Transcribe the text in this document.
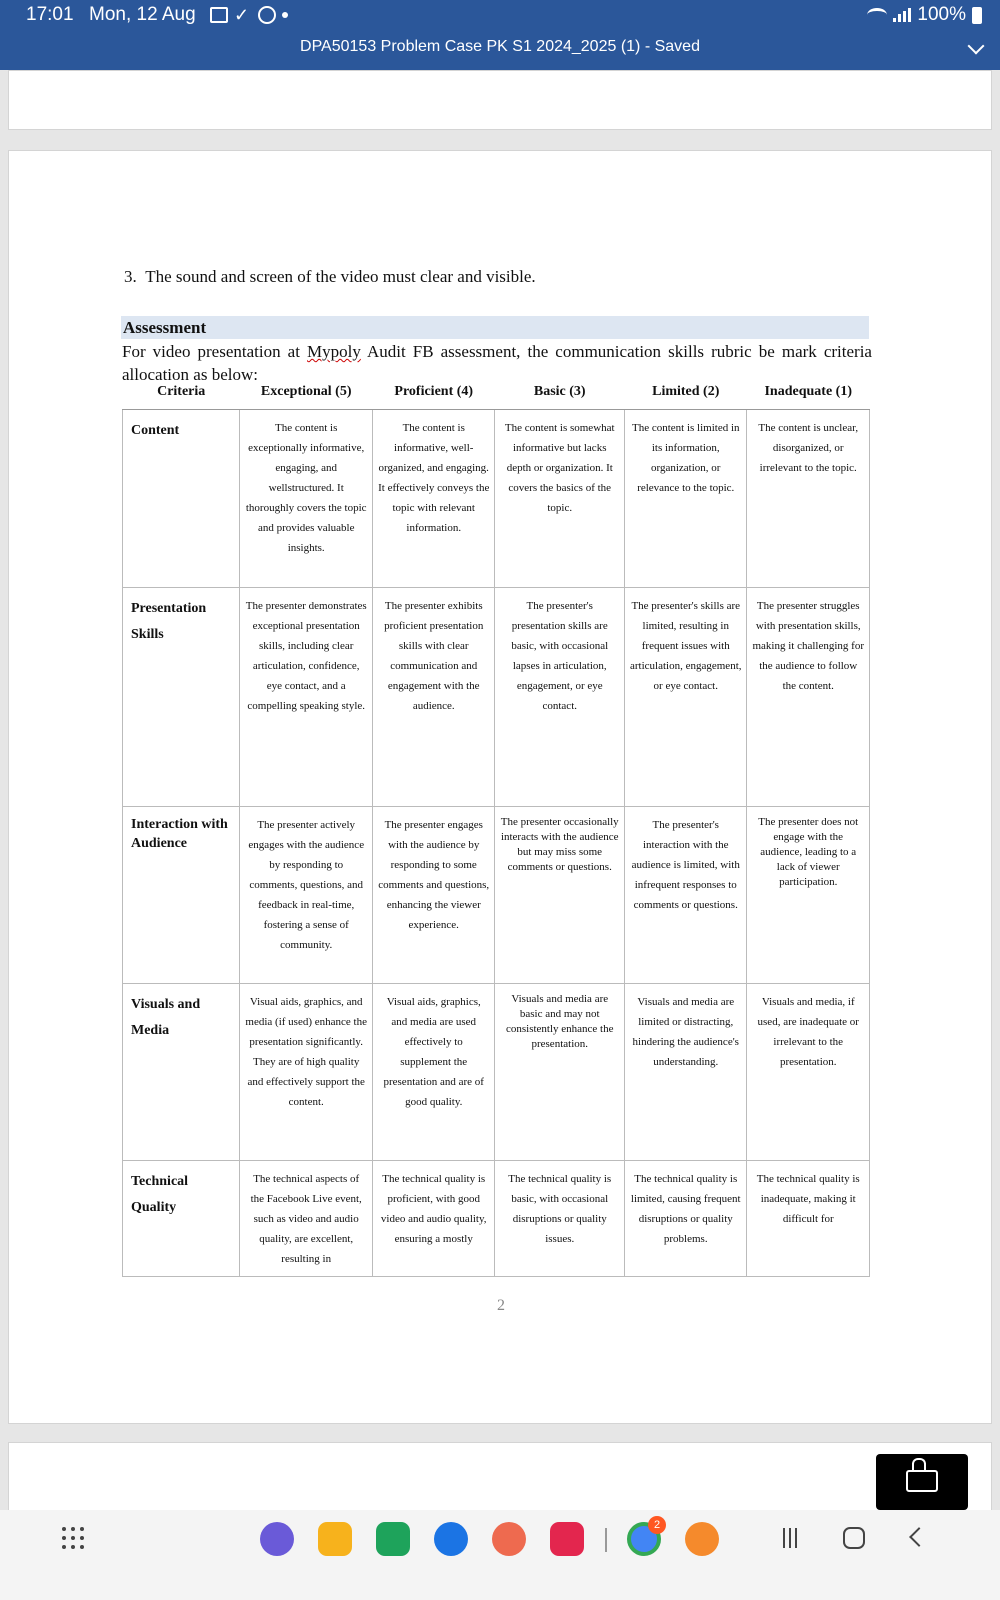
17:01 Mon, 12 Aug ✓	100%
DPA50153 Problem Case PK S1 2024_2025 (1) - Saved
3.  The sound and screen of the video must clear and visible.
Assessment
For video presentation at Mypoly Audit FB assessment, the communication skills rubric be mark criteria allocation as below:
Criteria	Exceptional (5)	Proficient (4)	Basic (3)	Limited (2)	Inadequate (1)
Content	The content is exceptionally informative, engaging, and wellstructured. It thoroughly covers the topic and provides valuable insights.	The content is informative, well-organized, and engaging. It effectively conveys the topic with relevant information.	The content is somewhat informative but lacks depth or organization. It covers the basics of the topic.	The content is limited in its information, organization, or relevance to the topic.	The content is unclear, disorganized, or irrelevant to the topic.
Presentation Skills	The presenter demonstrates exceptional presentation skills, including clear articulation, confidence, eye contact, and a compelling speaking style.	The presenter exhibits proficient presentation skills with clear communication and engagement with the audience.	The presenter's presentation skills are basic, with occasional lapses in articulation, engagement, or eye contact.	The presenter's skills are limited, resulting in frequent issues with articulation, engagement, or eye contact.	The presenter struggles with presentation skills, making it challenging for the audience to follow the content.
Interaction with Audience	The presenter actively engages with the audience by responding to comments, questions, and feedback in real-time, fostering a sense of community.	The presenter engages with the audience by responding to some comments and questions, enhancing the viewer experience.	The presenter occasionally interacts with the audience but may miss some comments or questions.	The presenter's interaction with the audience is limited, with infrequent responses to comments or questions.	The presenter does not engage with the audience, leading to a lack of viewer participation.
Visuals and Media	Visual aids, graphics, and media (if used) enhance the presentation significantly. They are of high quality and effectively support the content.	Visual aids, graphics, and media are used effectively to supplement the presentation and are of good quality.	Visuals and media are basic and may not consistently enhance the presentation.	Visuals and media are limited or distracting, hindering the audience's understanding.	Visuals and media, if used, are inadequate or irrelevant to the presentation.
Technical Quality	The technical aspects of the Facebook Live event, such as video and audio quality, are excellent, resulting in	The technical quality is proficient, with good video and audio quality, ensuring a mostly	The technical quality is basic, with occasional disruptions or quality issues.	The technical quality is limited, causing frequent disruptions or quality problems.	The technical quality is inadequate, making it difficult for
2
2
